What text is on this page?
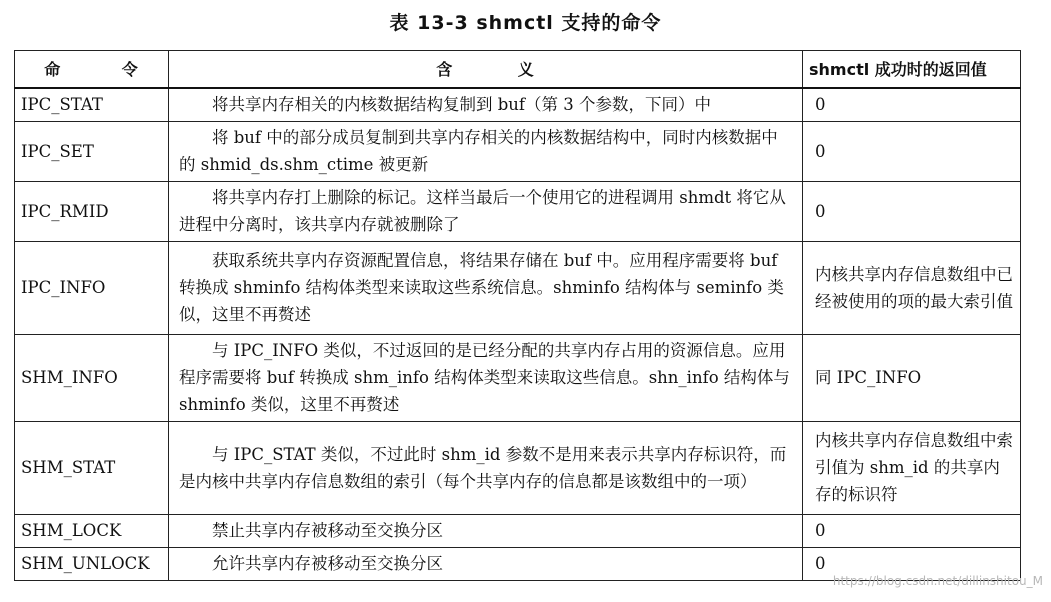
表 13-3 shmctl 支持的命令
命 令	含 义	shmctl 成功时的返回值
IPC_STAT	将共享内存相关的内核数据结构复制到 buf（第 3 个参数，下同）中	0
IPC_SET	将 buf 中的部分成员复制到共享内存相关的内核数据结构中，同时内核数据中的 shmid_ds.shm_ctime 被更新	0
IPC_RMID	将共享内存打上删除的标记。这样当最后一个使用它的进程调用 shmdt 将它从进程中分离时，该共享内存就被删除了	0
IPC_INFO	获取系统共享内存资源配置信息，将结果存储在 buf 中。应用程序需要将 buf 转换成 shminfo 结构体类型来读取这些系统信息。shminfo 结构体与 seminfo 类似，这里不再赘述	内核共享内存信息数组中已经被使用的项的最大索引值
SHM_INFO	与 IPC_INFO 类似，不过返回的是已经分配的共享内存占用的资源信息。应用程序需要将 buf 转换成 shm_info 结构体类型来读取这些信息。shn_info 结构体与 shminfo 类似，这里不再赘述	同 IPC_INFO
SHM_STAT	与 IPC_STAT 类似，不过此时 shm_id 参数不是用来表示共享内存标识符，而是内核中共享内存信息数组的索引（每个共享内存的信息都是该数组中的一项）	内核共享内存信息数组中索引值为 shm_id 的共享内存的标识符
SHM_LOCK	禁止共享内存被移动至交换分区	0
SHM_UNLOCK	允许共享内存被移动至交换分区	0
https://blog.csdn.net/dillinshitou_M
